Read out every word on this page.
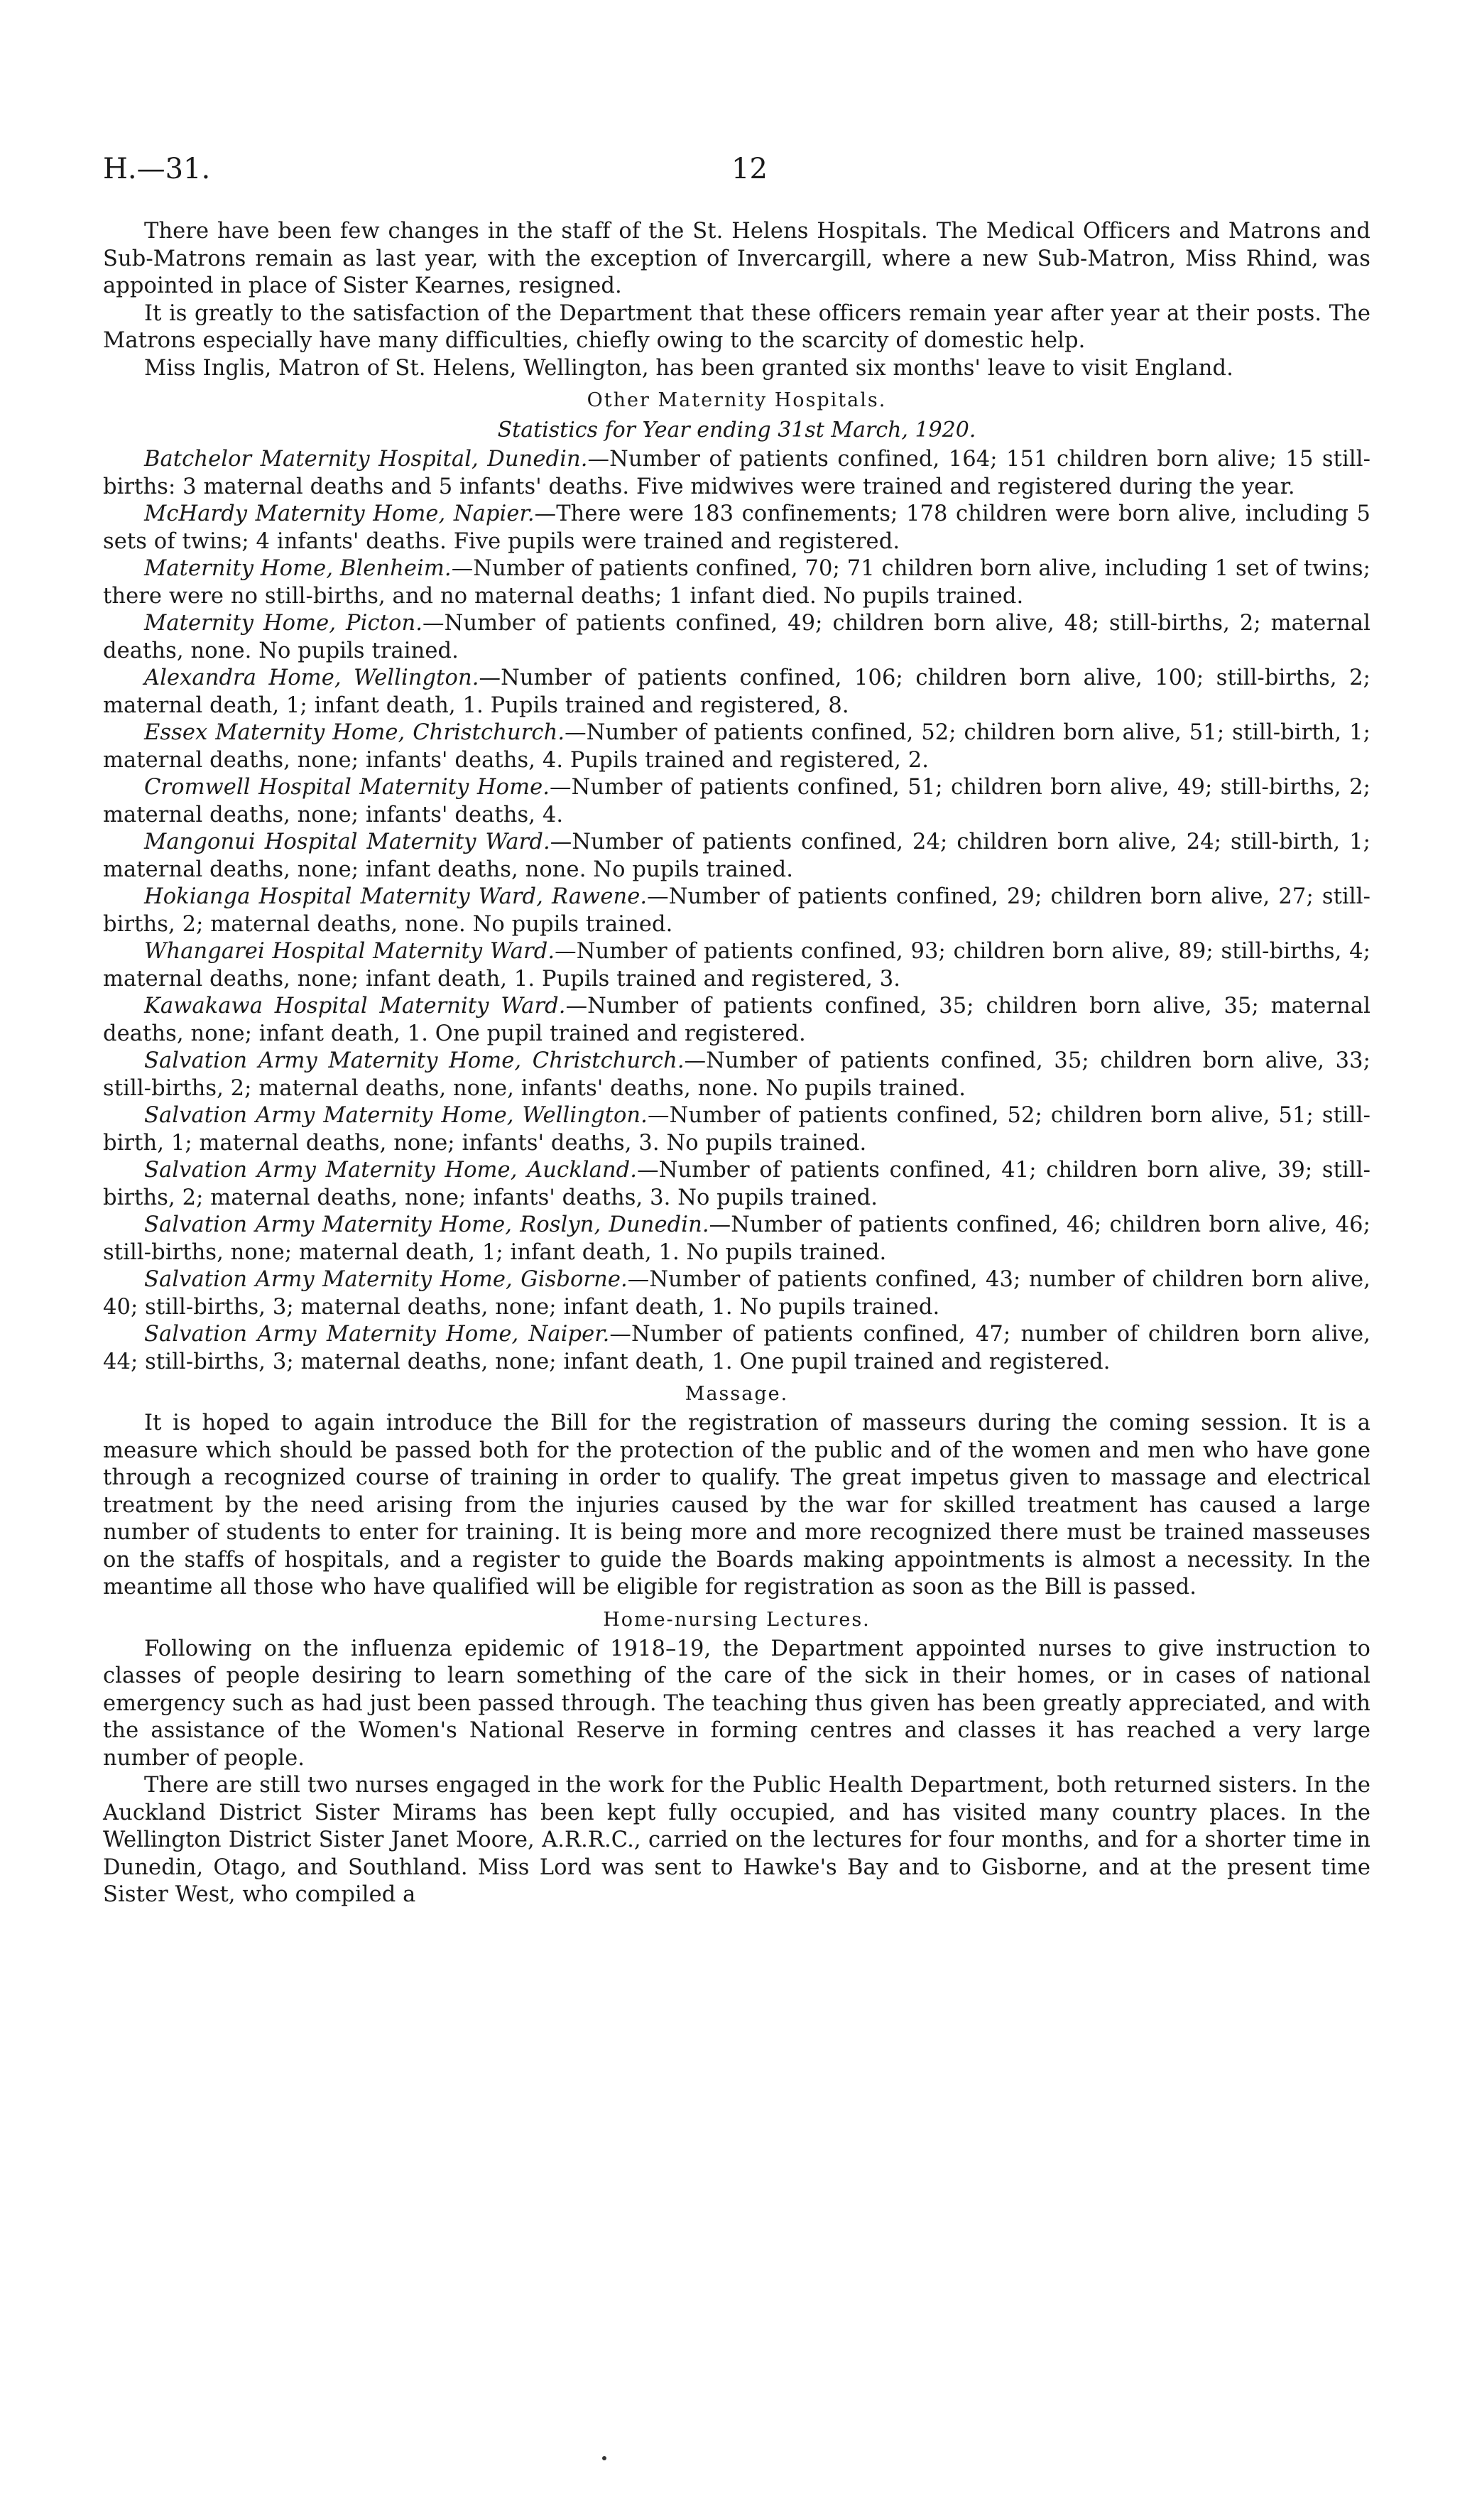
H.—31.	12

There have been few changes in the staff of the St. Helens Hospitals. The Medical Officers and Matrons and Sub-Matrons remain as last year, with the exception of Invercargill, where a new Sub-Matron, Miss Rhind, was appointed in place of Sister Kearnes, resigned.

It is greatly to the satisfaction of the Department that these officers remain year after year at their posts. The Matrons especially have many difficulties, chiefly owing to the scarcity of domestic help.

Miss Inglis, Matron of St. Helens, Wellington, has been granted six months' leave to visit England.

Other Maternity Hospitals.
Statistics for Year ending 31st March, 1920.

Batchelor Maternity Hospital, Dunedin.—Number of patients confined, 164; 151 children born alive; 15 still-births: 3 maternal deaths and 5 infants' deaths. Five midwives were trained and registered during the year.

McHardy Maternity Home, Napier.—There were 183 confinements; 178 children were born alive, including 5 sets of twins; 4 infants' deaths. Five pupils were trained and registered.

Maternity Home, Blenheim.—Number of patients confined, 70; 71 children born alive, including 1 set of twins; there were no still-births, and no maternal deaths; 1 infant died. No pupils trained.

Maternity Home, Picton.—Number of patients confined, 49; children born alive, 48; still-births, 2; maternal deaths, none. No pupils trained.

Alexandra Home, Wellington.—Number of patients confined, 106; children born alive, 100; still-births, 2; maternal death, 1; infant death, 1. Pupils trained and registered, 8.

Essex Maternity Home, Christchurch.—Number of patients confined, 52; children born alive, 51; still-birth, 1; maternal deaths, none; infants' deaths, 4. Pupils trained and registered, 2.

Cromwell Hospital Maternity Home.—Number of patients confined, 51; children born alive, 49; still-births, 2; maternal deaths, none; infants' deaths, 4.

Mangonui Hospital Maternity Ward.—Number of patients confined, 24; children born alive, 24; still-birth, 1; maternal deaths, none; infant deaths, none. No pupils trained.

Hokianga Hospital Maternity Ward, Rawene.—Number of patients confined, 29; children born alive, 27; still-births, 2; maternal deaths, none. No pupils trained.

Whangarei Hospital Maternity Ward.—Number of patients confined, 93; children born alive, 89; still-births, 4; maternal deaths, none; infant death, 1. Pupils trained and registered, 3.

Kawakawa Hospital Maternity Ward.—Number of patients confined, 35; children born alive, 35; maternal deaths, none; infant death, 1. One pupil trained and registered.

Salvation Army Maternity Home, Christchurch.—Number of patients confined, 35; children born alive, 33; still-births, 2; maternal deaths, none, infants' deaths, none. No pupils trained.

Salvation Army Maternity Home, Wellington.—Number of patients confined, 52; children born alive, 51; still-birth, 1; maternal deaths, none; infants' deaths, 3. No pupils trained.

Salvation Army Maternity Home, Auckland.—Number of patients confined, 41; children born alive, 39; still-births, 2; maternal deaths, none; infants' deaths, 3. No pupils trained.

Salvation Army Maternity Home, Roslyn, Dunedin.—Number of patients confined, 46; children born alive, 46; still-births, none; maternal death, 1; infant death, 1. No pupils trained.

Salvation Army Maternity Home, Gisborne.—Number of patients confined, 43; number of children born alive, 40; still-births, 3; maternal deaths, none; infant death, 1. No pupils trained.

Salvation Army Maternity Home, Naiper.—Number of patients confined, 47; number of children born alive, 44; still-births, 3; maternal deaths, none; infant death, 1. One pupil trained and registered.

Massage.

It is hoped to again introduce the Bill for the registration of masseurs during the coming session. It is a measure which should be passed both for the protection of the public and of the women and men who have gone through a recognized course of training in order to qualify. The great impetus given to massage and electrical treatment by the need arising from the injuries caused by the war for skilled treatment has caused a large number of students to enter for training. It is being more and more recognized there must be trained masseuses on the staffs of hospitals, and a register to guide the Boards making appointments is almost a necessity. In the meantime all those who have qualified will be eligible for registration as soon as the Bill is passed.

Home-nursing Lectures.

Following on the influenza epidemic of 1918–19, the Department appointed nurses to give instruction to classes of people desiring to learn something of the care of the sick in their homes, or in cases of national emergency such as had just been passed through. The teaching thus given has been greatly appreciated, and with the assistance of the Women's National Reserve in forming centres and classes it has reached a very large number of people.

There are still two nurses engaged in the work for the Public Health Department, both returned sisters. In the Auckland District Sister Mirams has been kept fully occupied, and has visited many country places. In the Wellington District Sister Janet Moore, A.R.R.C., carried on the lectures for four months, and for a shorter time in Dunedin, Otago, and Southland. Miss Lord was sent to Hawke's Bay and to Gisborne, and at the present time Sister West, who compiled a
